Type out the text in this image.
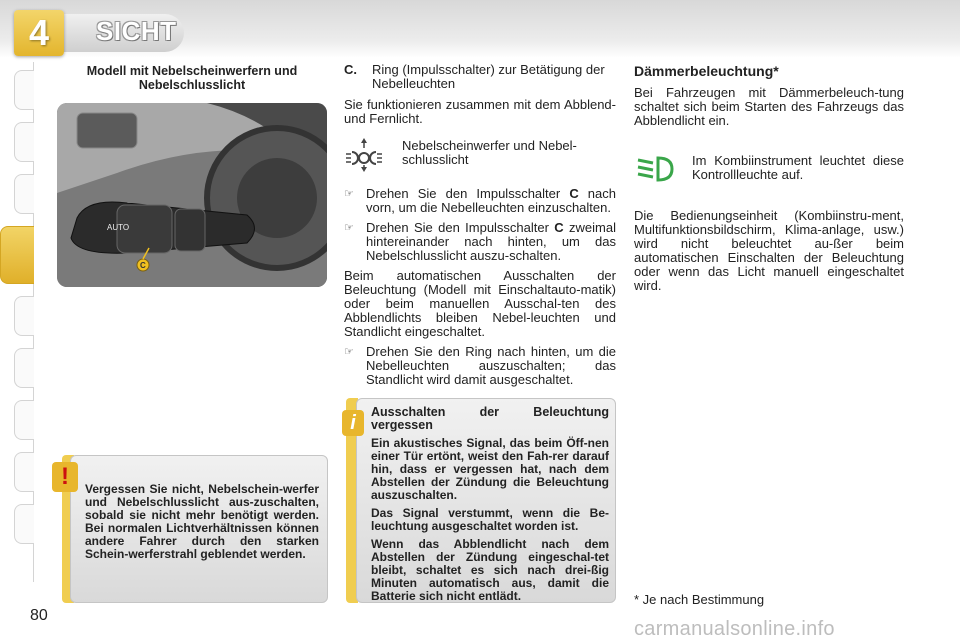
4	SICHT
Modell mit Nebelscheinwerfern und Nebelschlusslicht
AUTO
C
Vergessen Sie nicht, Nebelschein-werfer und Nebelschlusslicht aus-zuschalten, sobald sie nicht mehr benötigt werden. Bei normalen Lichtverhältnissen können andere Fahrer durch den starken Schein-werferstrahl geblendet werden.
!
C.	Ring (Impulsschalter) zur Betätigung der Nebelleuchten

Sie funktionieren zusammen mit dem Abblend- und Fernlicht.

Nebelscheinwerfer und Nebel-schlusslicht
☞ Drehen Sie den Impulsschalter C nach vorn, um die Nebelleuchten einzuschalten.
☞ Drehen Sie den Impulsschalter C zweimal hintereinander nach hinten, um das Nebelschlusslicht auszu-schalten.

Beim automatischen Ausschalten der Beleuchtung (Modell mit Einschaltauto-matik) oder beim manuellen Ausschal-ten des Abblendlichts bleiben Nebel-leuchten und Standlicht eingeschaltet.

☞ Drehen Sie den Ring nach hinten, um die Nebelleuchten auszuschalten; das Standlicht wird damit ausgeschaltet.

Ausschalten der Beleuchtung vergessen

Ein akustisches Signal, das beim Öff-nen einer Tür ertönt, weist den Fah-rer darauf hin, dass er vergessen hat, nach dem Abstellen der Zündung die Beleuchtung auszuschalten.

Das Signal verstummt, wenn die Be-leuchtung ausgeschaltet worden ist.

Wenn das Abblendlicht nach dem Abstellen der Zündung eingeschal-tet bleibt, schaltet es sich nach drei-ßig Minuten automatisch aus, damit die Batterie sich nicht entlädt.

i
Dämmerbeleuchtung*

Bei Fahrzeugen mit Dämmerbeleuch-tung schaltet sich beim Starten des Fahrzeugs das Abblendlicht ein.

Im Kombiinstrument leuchtet diese Kontrollleuchte auf.

Die Bedienungseinheit (Kombiinstru-ment, Multifunktionsbildschirm, Klima-anlage, usw.) wird nicht beleuchtet au-ßer beim automatischen Einschalten der Beleuchtung oder wenn das Licht manuell eingeschaltet wird.

* Je nach Bestimmung
80
carmanualsonline.info
